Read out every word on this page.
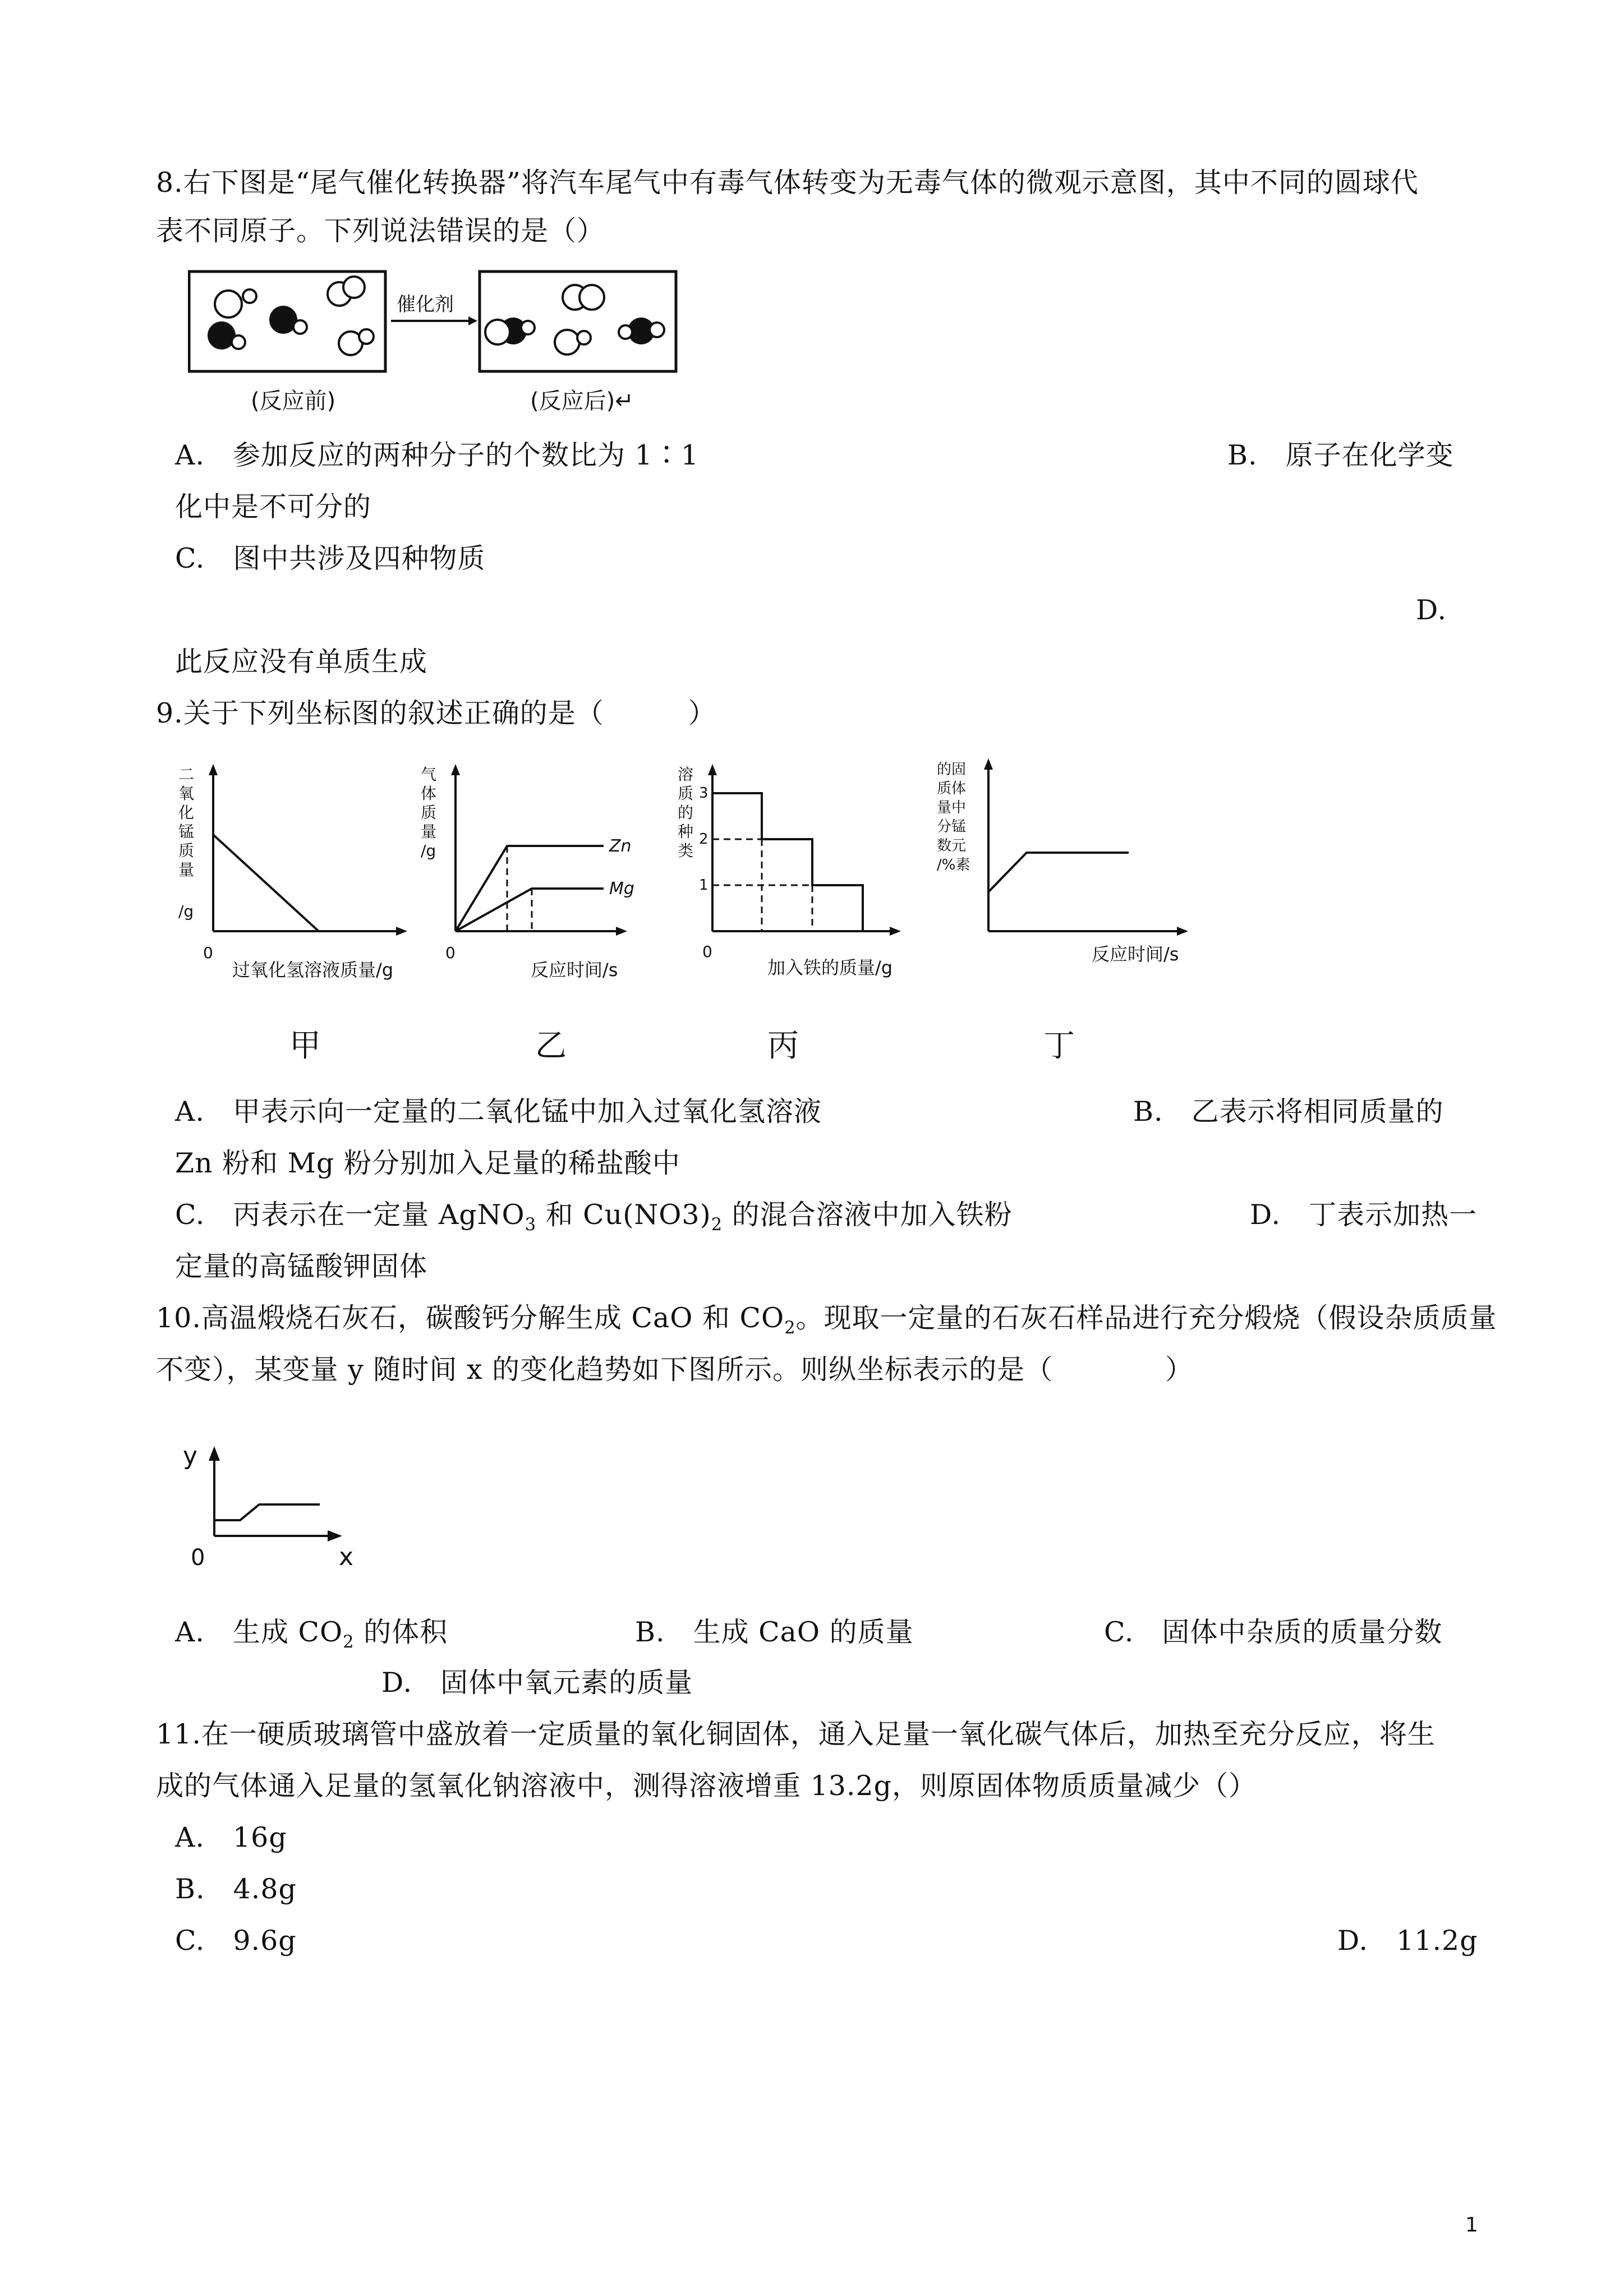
8.右下图是“尾气催化转换器”将汽车尾气中有毒气体转变为无毒气体的微观示意图，其中不同的圆球代
表不同原子。下列说法错误的是（）
催化剂
(反应前)	(反应后)↵
A.　参加反应的两种分子的个数比为 1∶1	B.　原子在化学变
化中是不可分的
C.　图中共涉及四种物质
D.
此反应没有单质生成
9.关于下列坐标图的叙述正确的是（　　　）
二
氧
化
锰
质
量
/g
0
过氧化氢溶液质量/g
气
体
质
量
/g	Zn
Mg
0
反应时间/s
溶
质
的
种
类
3
2
1
0
加入铁的质量/g
的固
质体
量中
分锰
数元
/%素
反应时间/s
甲	乙	丙	丁
A.　甲表示向一定量的二氧化锰中加入过氧化氢溶液	B.　乙表示将相同质量的
Zn 粉和 Mg 粉分别加入足量的稀盐酸中
C.　丙表示在一定量 AgNO$_3$ 和 $Cu(NO3)_2$ 的混合溶液中加入铁粉	D.　丁表示加热一
定量的高锰酸钾固体
10.高温煅烧石灰石，碳酸钙分解生成 CaO 和 $CO_2$。现取一定量的石灰石样品进行充分煅烧（假设杂质质量
不变），某变量 y 随时间 x 的变化趋势如下图所示。则纵坐标表示的是（　　　　）
y
0	x
A.　生成 $CO_2$ 的体积	B.　生成 CaO 的质量	C.　固体中杂质的质量分数
D.　固体中氧元素的质量
11.在一硬质玻璃管中盛放着一定质量的氧化铜固体，通入足量一氧化碳气体后，加热至充分反应，将生
成的气体通入足量的氢氧化钠溶液中，测得溶液增重 13.2g，则原固体物质质量减少（）
A.　16g
B.　4.8g
C.　9.6g	D.　11.2g
1
